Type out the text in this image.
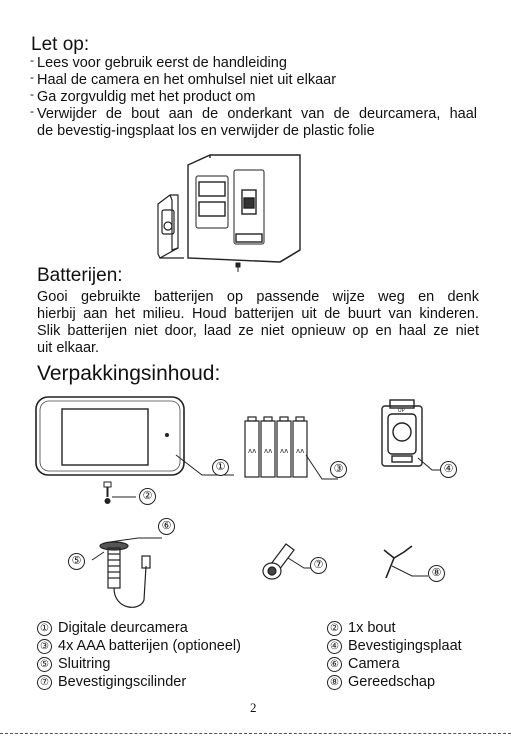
Let op:
- Lees voor gebruik eerst de handleiding
- Haal de camera en het omhulsel niet uit elkaar
- Ga zorgvuldig met het product om
- Verwijder de bout aan de onderkant van de deurcamera, haal
de bevestig-ingsplaat los en verwijder de plastic folie
Batterijen:
Gooi gebruikte batterijen op passende wijze weg en denk
hierbij aan het milieu. Houd batterijen uit de buurt van kinderen.
Slik batterijen niet door, laad ze niet opnieuw op en haal ze niet
uit elkaar.
Verpakkingsinhoud:
①
②
ʌʌ ʌʌ ʌʌ ʌʌ
③
UP
④
⑤
⑥
⑦
⑧
① Digitale deurcamera
③ 4x AAA batterijen (optioneel)
⑤ Sluitring
⑦ Bevestigingscilinder
② 1x bout
④ Bevestigingsplaat
⑥ Camera
⑧ Gereedschap
2
